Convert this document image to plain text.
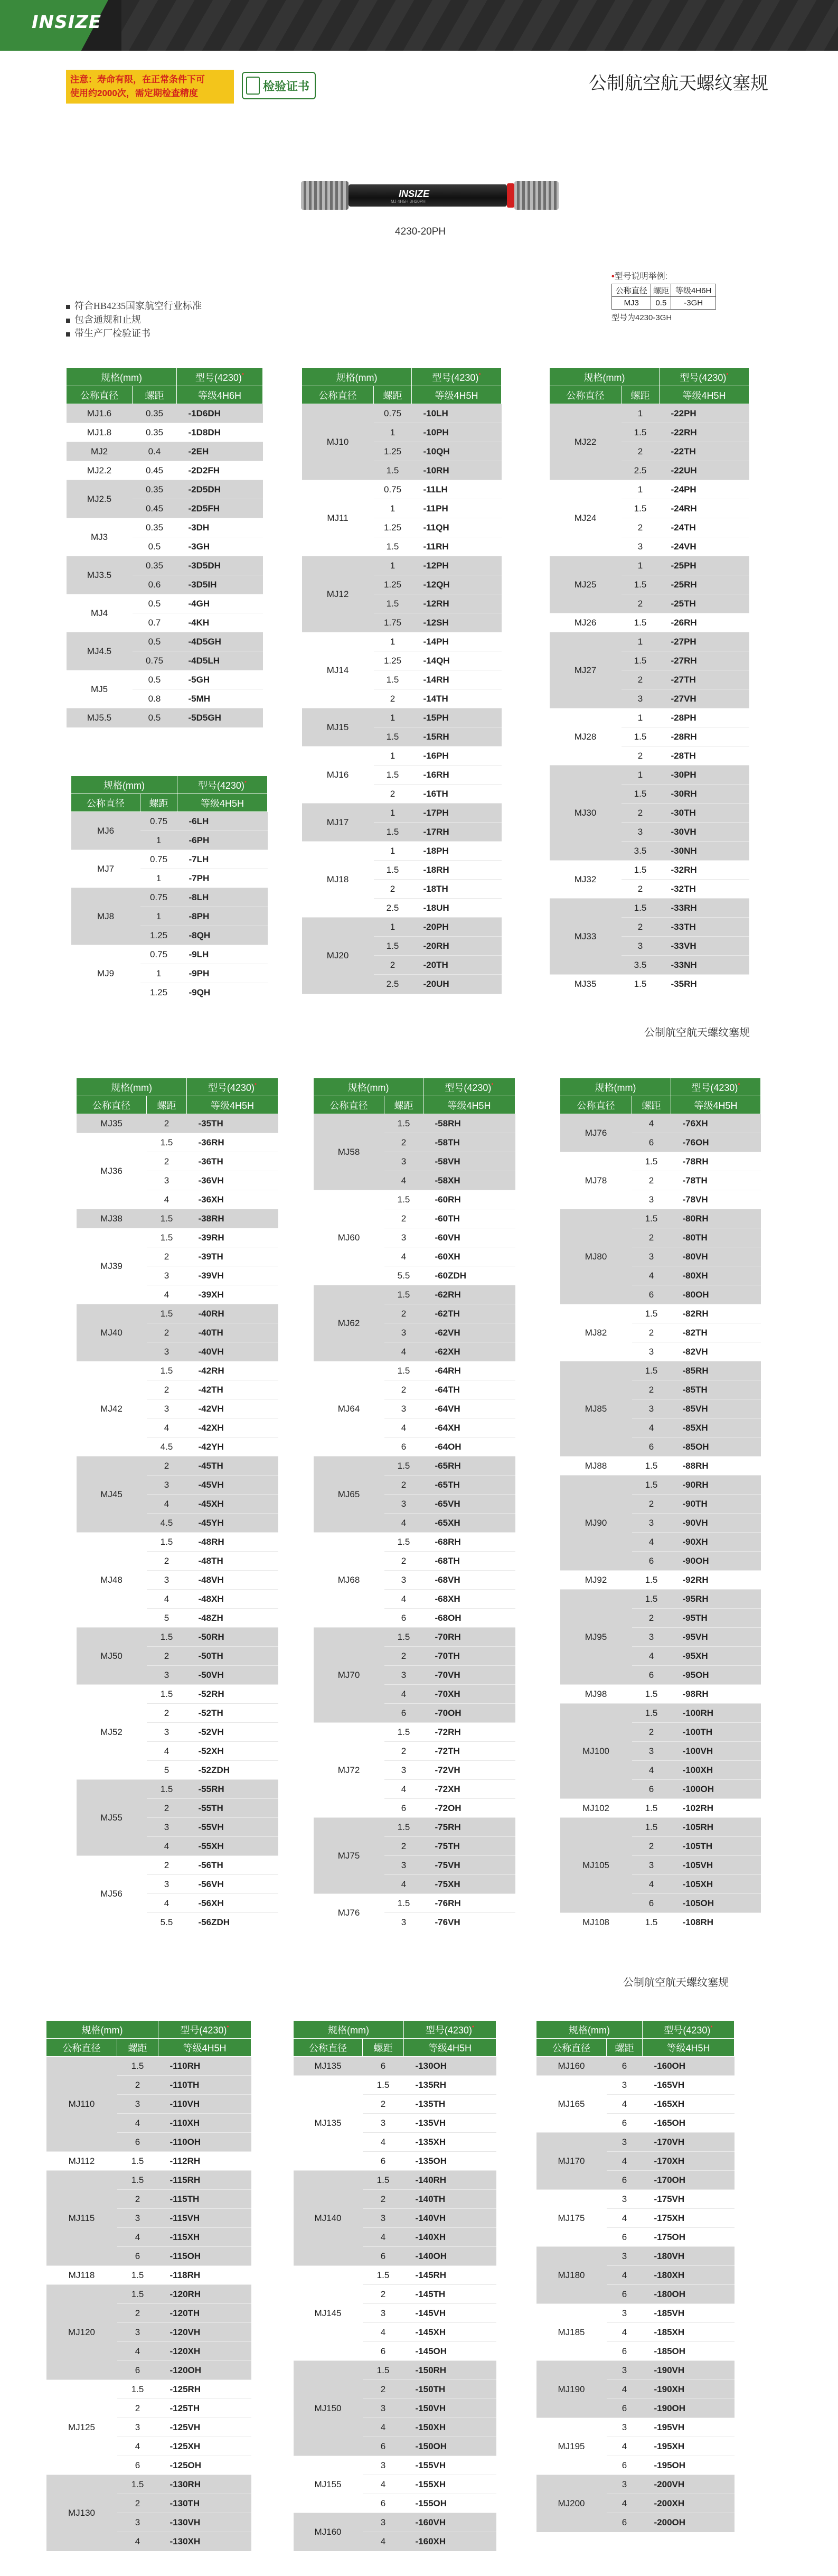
INSIZE
注意：寿命有限，在正常条件下可
使用约2000次，需定期检查精度
检验证书	公制航空航天螺纹塞规
INSIZE
MJ 4H5H 3H20PH
4230-20PH
•型号说明举例:
公称直径	螺距	等级4H6H
MJ3	0.5	-3GH
型号为4230-3GH
符合HB4235国家航空行业标准
包含通规和止规
带生产厂检验证书
公制航空航天螺纹塞规
公制航空航天螺纹塞规
规格(mm)		型号(4230)•
公称直径	螺距	等级4H6H
MJ1.6	0.35	-1D6DH
MJ1.8	0.35	-1D8DH
MJ2	0.4	-2EH
MJ2.2	0.45	-2D2FH
MJ2.5	0.35	-2D5DH
	0.45	-2D5FH
MJ3	0.35	-3DH
	0.5	-3GH
MJ3.5	0.35	-3D5DH
	0.6	-3D5IH
MJ4	0.5	-4GH
	0.7	-4KH
MJ4.5	0.5	-4D5GH
	0.75	-4D5LH
MJ5	0.5	-5GH
	0.8	-5MH
MJ5.5	0.5	-5D5GH
规格(mm)		型号(4230)•
公称直径	螺距	等级4H5H
MJ6	0.75	-6LH
	1	-6PH
MJ7	0.75	-7LH
	1	-7PH
MJ8	0.75	-8LH
	1	-8PH
	1.25	-8QH
MJ9	0.75	-9LH
	1	-9PH
	1.25	-9QH
规格(mm)		型号(4230)•
公称直径	螺距	等级4H5H
MJ10	0.75	-10LH
	1	-10PH
	1.25	-10QH
	1.5	-10RH
MJ11	0.75	-11LH
	1	-11PH
	1.25	-11QH
	1.5	-11RH
MJ12	1	-12PH
	1.25	-12QH
	1.5	-12RH
	1.75	-12SH
MJ14	1	-14PH
	1.25	-14QH
	1.5	-14RH
	2	-14TH
MJ15	1	-15PH
	1.5	-15RH
MJ16	1	-16PH
	1.5	-16RH
	2	-16TH
MJ17	1	-17PH
	1.5	-17RH
MJ18	1	-18PH
	1.5	-18RH
	2	-18TH
	2.5	-18UH
MJ20	1	-20PH
	1.5	-20RH
	2	-20TH
	2.5	-20UH
规格(mm)		型号(4230)•
公称直径	螺距	等级4H5H
MJ22	1	-22PH
	1.5	-22RH
	2	-22TH
	2.5	-22UH
MJ24	1	-24PH
	1.5	-24RH
	2	-24TH
	3	-24VH
MJ25	1	-25PH
	1.5	-25RH
	2	-25TH
MJ26	1.5	-26RH
MJ27	1	-27PH
	1.5	-27RH
	2	-27TH
	3	-27VH
MJ28	1	-28PH
	1.5	-28RH
	2	-28TH
MJ30	1	-30PH
	1.5	-30RH
	2	-30TH
	3	-30VH
	3.5	-30NH
MJ32	1.5	-32RH
	2	-32TH
MJ33	1.5	-33RH
	2	-33TH
	3	-33VH
	3.5	-33NH
MJ35	1.5	-35RH
规格(mm)		型号(4230)•
公称直径	螺距	等级4H5H
MJ35	2	-35TH
MJ36	1.5	-36RH
	2	-36TH
	3	-36VH
	4	-36XH
MJ38	1.5	-38RH
MJ39	1.5	-39RH
	2	-39TH
	3	-39VH
	4	-39XH
MJ40	1.5	-40RH
	2	-40TH
	3	-40VH
MJ42	1.5	-42RH
	2	-42TH
	3	-42VH
	4	-42XH
	4.5	-42YH
MJ45	2	-45TH
	3	-45VH
	4	-45XH
	4.5	-45YH
MJ48	1.5	-48RH
	2	-48TH
	3	-48VH
	4	-48XH
	5	-48ZH
MJ50	1.5	-50RH
	2	-50TH
	3	-50VH
MJ52	1.5	-52RH
	2	-52TH
	3	-52VH
	4	-52XH
	5	-52ZDH
MJ55	1.5	-55RH
	2	-55TH
	3	-55VH
	4	-55XH
MJ56	2	-56TH
	3	-56VH
	4	-56XH
	5.5	-56ZDH
规格(mm)		型号(4230)•
公称直径	螺距	等级4H5H
MJ58	1.5	-58RH
	2	-58TH
	3	-58VH
	4	-58XH
MJ60	1.5	-60RH
	2	-60TH
	3	-60VH
	4	-60XH
	5.5	-60ZDH
MJ62	1.5	-62RH
	2	-62TH
	3	-62VH
	4	-62XH
MJ64	1.5	-64RH
	2	-64TH
	3	-64VH
	4	-64XH
	6	-64OH
MJ65	1.5	-65RH
	2	-65TH
	3	-65VH
	4	-65XH
MJ68	1.5	-68RH
	2	-68TH
	3	-68VH
	4	-68XH
	6	-68OH
MJ70	1.5	-70RH
	2	-70TH
	3	-70VH
	4	-70XH
	6	-70OH
MJ72	1.5	-72RH
	2	-72TH
	3	-72VH
	4	-72XH
	6	-72OH
MJ75	1.5	-75RH
	2	-75TH
	3	-75VH
	4	-75XH
MJ76	1.5	-76RH
	3	-76VH
规格(mm)		型号(4230)•
公称直径	螺距	等级4H5H
MJ76	4	-76XH
	6	-76OH
MJ78	1.5	-78RH
	2	-78TH
	3	-78VH
MJ80	1.5	-80RH
	2	-80TH
	3	-80VH
	4	-80XH
	6	-80OH
MJ82	1.5	-82RH
	2	-82TH
	3	-82VH
MJ85	1.5	-85RH
	2	-85TH
	3	-85VH
	4	-85XH
	6	-85OH
MJ88	1.5	-88RH
MJ90	1.5	-90RH
	2	-90TH
	3	-90VH
	4	-90XH
	6	-90OH
MJ92	1.5	-92RH
MJ95	1.5	-95RH
	2	-95TH
	3	-95VH
	4	-95XH
	6	-95OH
MJ98	1.5	-98RH
MJ100	1.5	-100RH
	2	-100TH
	3	-100VH
	4	-100XH
	6	-100OH
MJ102	1.5	-102RH
MJ105	1.5	-105RH
	2	-105TH
	3	-105VH
	4	-105XH
	6	-105OH
MJ108	1.5	-108RH
规格(mm)		型号(4230)•
公称直径	螺距	等级4H5H
MJ110	1.5	-110RH
	2	-110TH
	3	-110VH
	4	-110XH
	6	-110OH
MJ112	1.5	-112RH
MJ115	1.5	-115RH
	2	-115TH
	3	-115VH
	4	-115XH
	6	-115OH
MJ118	1.5	-118RH
MJ120	1.5	-120RH
	2	-120TH
	3	-120VH
	4	-120XH
	6	-120OH
MJ125	1.5	-125RH
	2	-125TH
	3	-125VH
	4	-125XH
	6	-125OH
MJ130	1.5	-130RH
	2	-130TH
	3	-130VH
	4	-130XH
规格(mm)		型号(4230)•
公称直径	螺距	等级4H5H
MJ135	6	-130OH
MJ135	1.5	-135RH
	2	-135TH
	3	-135VH
	4	-135XH
	6	-135OH
MJ140	1.5	-140RH
	2	-140TH
	3	-140VH
	4	-140XH
	6	-140OH
MJ145	1.5	-145RH
	2	-145TH
	3	-145VH
	4	-145XH
	6	-145OH
MJ150	1.5	-150RH
	2	-150TH
	3	-150VH
	4	-150XH
	6	-150OH
MJ155	3	-155VH
	4	-155XH
	6	-155OH
MJ160	3	-160VH
	4	-160XH
规格(mm)		型号(4230)•
公称直径	螺距	等级4H5H
MJ160	6	-160OH
MJ165	3	-165VH
	4	-165XH
	6	-165OH
MJ170	3	-170VH
	4	-170XH
	6	-170OH
MJ175	3	-175VH
	4	-175XH
	6	-175OH
MJ180	3	-180VH
	4	-180XH
	6	-180OH
MJ185	3	-185VH
	4	-185XH
	6	-185OH
MJ190	3	-190VH
	4	-190XH
	6	-190OH
MJ195	3	-195VH
	4	-195XH
	6	-195OH
MJ200	3	-200VH
	4	-200XH
	6	-200OH
